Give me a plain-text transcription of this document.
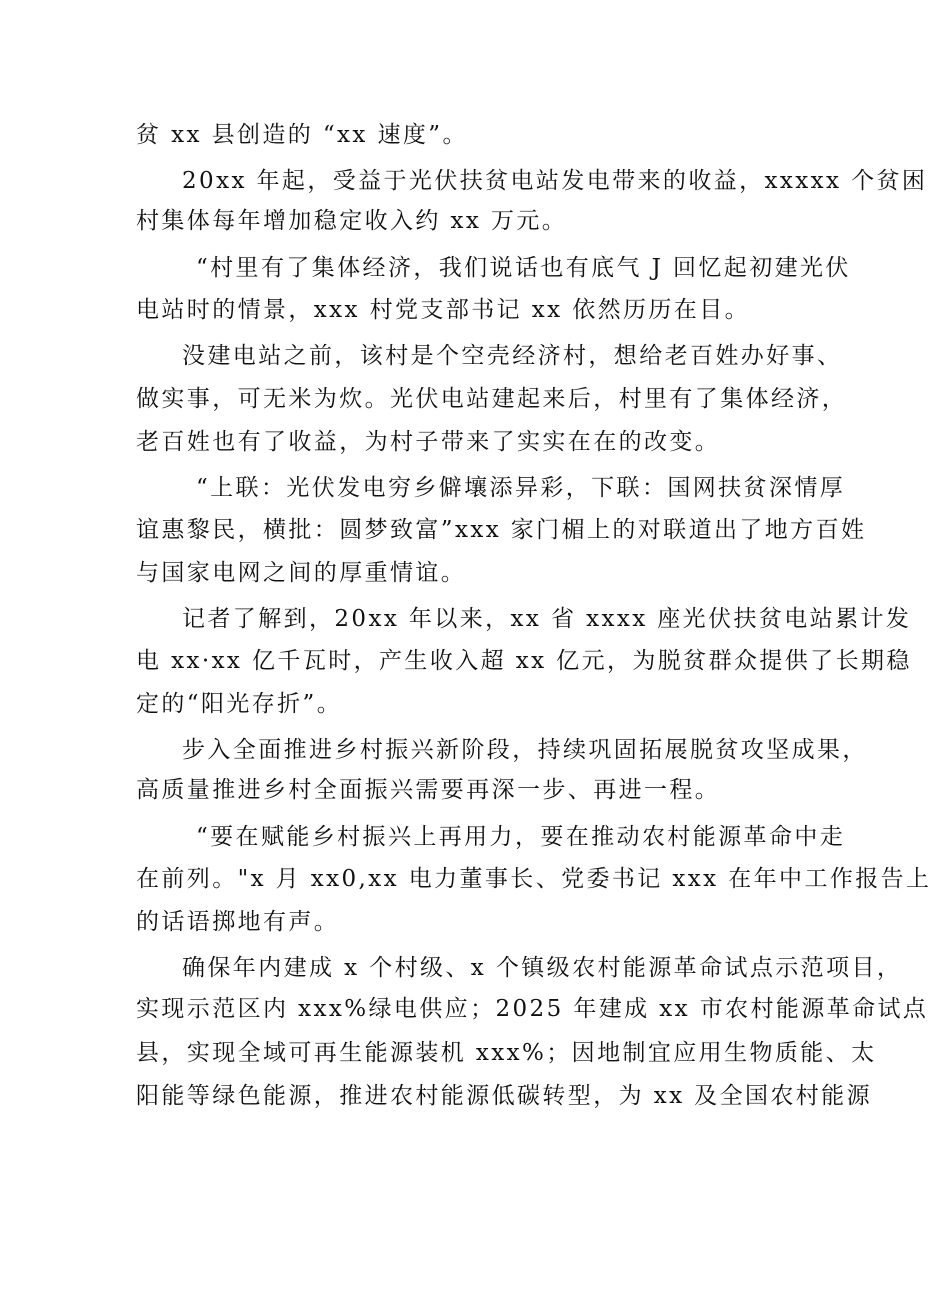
贫 xx 县创造的 “xx 速度”。
20xx 年起，受益于光伏扶贫电站发电带来的收益，xxxxx 个贫困
村集体每年增加稳定收入约 xx 万元。
“村里有了集体经济，我们说话也有底气 J 回忆起初建光伏
电站时的情景，xxx 村党支部书记 xx 依然历历在目。
没建电站之前，该村是个空壳经济村，想给老百姓办好事、
做实事，可无米为炊。光伏电站建起来后，村里有了集体经济，
老百姓也有了收益，为村子带来了实实在在的改变。
“上联：光伏发电穷乡僻壤添异彩，下联：国网扶贫深情厚
谊惠黎民，横批：圆梦致富”xxx 家门楣上的对联道出了地方百姓
与国家电网之间的厚重情谊。
记者了解到，20xx 年以来，xx 省 xxxx 座光伏扶贫电站累计发
电 xx·xx 亿千瓦时，产生收入超 xx 亿元，为脱贫群众提供了长期稳
定的“阳光存折”。
步入全面推进乡村振兴新阶段，持续巩固拓展脱贫攻坚成果，
高质量推进乡村全面振兴需要再深一步、再进一程。
“要在赋能乡村振兴上再用力，要在推动农村能源革命中走
在前列。"x 月 xx0,xx 电力董事长、党委书记 xxx 在年中工作报告上
的话语掷地有声。
确保年内建成 x 个村级、x 个镇级农村能源革命试点示范项目，
实现示范区内 xxx%绿电供应；2025 年建成 xx 市农村能源革命试点
县，实现全域可再生能源装机 xxx%；因地制宜应用生物质能、太
阳能等绿色能源，推进农村能源低碳转型，为 xx 及全国农村能源
